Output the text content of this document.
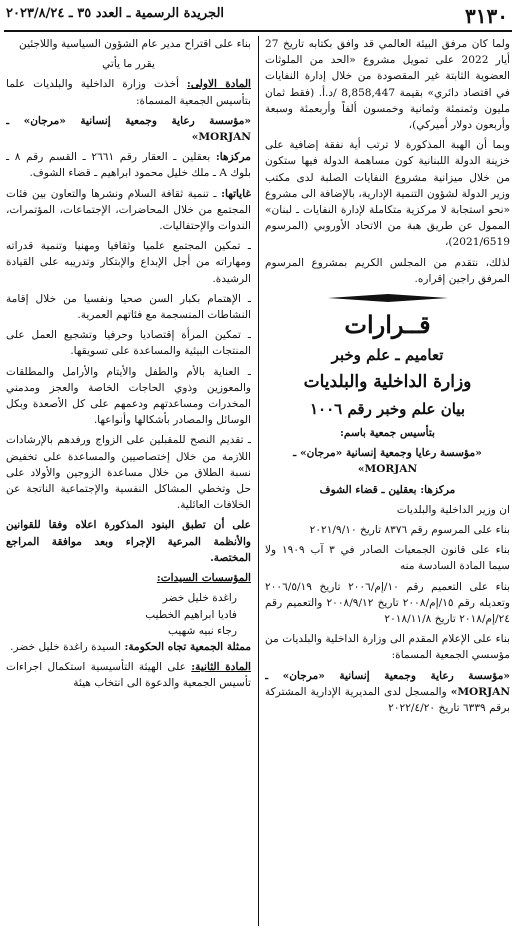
٣١٣٠
الجريدة الرسمية ـ العدد ٣٥ ـ ٢٠٢٣/٨/٢٤

ولما كان مرفق البيئة العالمي قد وافق بكتابه تاريخ 27 أيار 2022 على تمويل مشروع «الحد من الملوثات العضوية الثابتة غير المقصودة من خلال إدارة النفايات في اقتصاد دائري» بقيمة 8,858,447 /د.أ. (فقط ثمان مليون وثمنمئة وثمانية وخمسون ألفاً وأربعمئة وسبعة وأربعون دولار أميركي)،

وبما أن الهبة المذكورة لا ترتب أية نفقة إضافية على خزينة الدولة اللبنانية كون مساهمة الدولة فيها ستكون من خلال ميزانية مشروع النفايات الصلبة لدى مكتب وزير الدولة لشؤون التنمية الإدارية، بالإضافة الى مشروع «نحو استجابة لا مركزية متكاملة لإدارة النفايات ـ لبنان» الممول عن طريق هبة من الاتحاد الأوروبي (المرسوم 2021/6519)،

لذلك، نتقدم من المجلس الكريم بمشروع المرسوم المرفق راجين إقراره.

قــرارات
تعاميم ـ علم وخبر
وزارة الداخلية والبلديات
بيان علم وخبر رقم ١٠٠٦

بتأسيس جمعية باسم:

«مؤسسة رعايا وجمعية إنسانية «مرجان» ـ MORJAN»

مركزها: بعقلين ـ قضاء الشوف

ان وزير الداخلية والبلديات

بناء على المرسوم رقم ٨٣٧٦ تاريخ ٢٠٢١/٩/١٠

بناء على قانون الجمعيات الصادر في ٣ آب ١٩٠٩ ولا سيما المادة السادسة منه

بناء على التعميم رقم ١٠/إم/٢٠٠٦ تاريخ ٢٠٠٦/٥/١٩ وتعديله رقم ١٥/إم/٢٠٠٨ تاريخ ٢٠٠٨/٩/١٢ والتعميم رقم ٢٤/إم/٢٠١٨ تاريخ ٢٠١٨/١١/٨

بناء على الإعلام المقدم الى وزارة الداخلية والبلديات من مؤسسي الجمعية المسماة:

«مؤسسة رعاية وجمعية إنسانية «مرجان» ـ MORJAN» والمسجل لدى المديرية الإدارية المشتركة برقم ٦٣٣٩ تاريخ ٢٠٢٢/٤/٢٠

بناء على اقتراح مدير عام الشؤون السياسية واللاجئين

يقرر ما يأتي

المادة الاولى: أخذت وزارة الداخلية والبلديات علما بتأسيس الجمعية المسماة:

«مؤسسة رعاية وجمعية إنسانية «مرجان» ـ MORJAN»

مركزها: بعقلين ـ العقار رقم ٢٦٦١ ـ القسم رقم ٨ ـ بلوك A ـ ملك خليل محمود ابراهيم ـ قضاء الشوف.

غاياتها: ـ تنمية ثقافة السلام ونشرها والتعاون بين فئات المجتمع من خلال المحاضرات، الإجتماعات، المؤتمرات، الندوات والإحتفاليات.

ـ تمكين المجتمع علميا وثقافيا ومهنيا وتنمية قدراته ومهاراته من أجل الإبداع والإبتكار وتدريبه على القيادة الرشيدة.

ـ الإهتمام بكبار السن صحيا ونفسيا من خلال إقامة النشاطات المنسجمة مع فئاتهم العمرية.

ـ تمكين المرأة إقتصاديا وحرفيا وتشجيع العمل على المنتجات البيئية والمساعدة على تسويقها.

ـ العناية بالأم والطفل والأيتام والأرامل والمطلقات والمعوزين وذوي الحاجات الخاصة والعجز ومدمني المخدرات ومساعدتهم ودعمهم على كل الأصعدة وبكل الوسائل والمصادر بأشكالها وأنواعها.

ـ تقديم النصح للمقبلين على الزواج ورفدهم بالإرشادات اللازمة من خلال إختصاصيين والمساعدة على تخفيض نسبة الطلاق من خلال مساعدة الزوجين والأولاد على حل وتخطي المشاكل النفسية والإجتماعية الناتجة عن الخلافات العائلية.

على أن تطبق البنود المذكورة اعلاه وفقا للقوانين والأنظمة المرعية الإجراء وبعد موافقة المراجع المختصة.

المؤسسات السيدات:

راغدة خليل خضر
فاديا ابراهيم الخطيب
رجاء نبيه شهيب

ممثلة الجمعية تجاه الحكومة: السيدة راغدة خليل خضر.

المادة الثانية: على الهيئة التأسيسية استكمال اجراءات تأسيس الجمعية والدعوة الى انتخاب هيئة
